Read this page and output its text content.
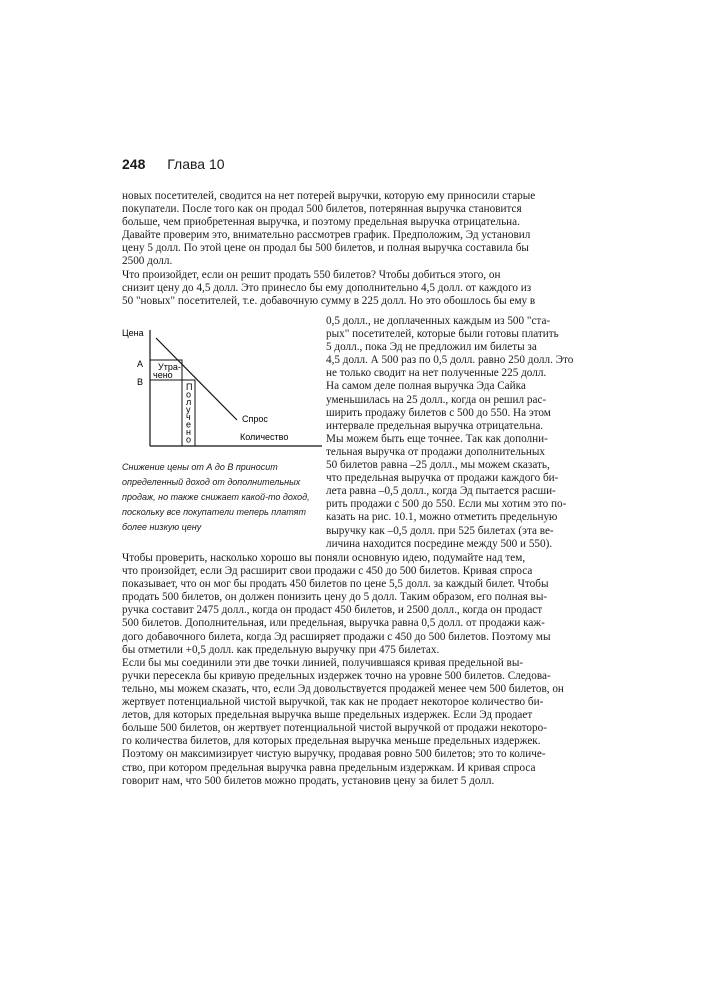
248 Глава 10
новых посетителей, сводится на нет потерей выручки, которую ему приносили старые
покупатели. После того как он продал 500 билетов, потерянная выручка становится
больше, чем приобретенная выручка, и поэтому предельная выручка отрицательна.
Давайте проверим это, внимательно рассмотрев график. Предположим, Эд установил
цену 5 долл. По этой цене он продал бы 500 билетов, и полная выручка составила бы
2500 долл.
Что произойдет, если он решит продать 550 билетов? Чтобы добиться этого, он
снизит цену до 4,5 долл. Это принесло бы ему дополнительно 4,5 долл. от каждого из
50 "новых" посетителей, т.е. добавочную сумму в 225 долл. Но это обошлось бы ему в
0,5 долл., не доплаченных каждым из 500 "ста-
рых" посетителей, которые были готовы платить
5 долл., пока Эд не предложил им билеты за
4,5 долл. А 500 раз по 0,5 долл. равно 250 долл. Это
не только сводит на нет полученные 225 долл.
На самом деле полная выручка Эда Сайка
уменьшилась на 25 долл., когда он решил рас-
ширить продажу билетов с 500 до 550. На этом
интервале предельная выручка отрицательна.
Мы можем быть еще точнее. Так как дополни-
тельная выручка от продажи дополнительных
50 билетов равна –25 долл., мы можем сказать,
что предельная выручка от продажи каждого би-
лета равна –0,5 долл., когда Эд пытается расши-
рить продажи с 500 до 550. Если мы хотим это по-
казать на рис. 10.1, можно отметить предельную
выручку как –0,5 долл. при 525 билетах (эта ве-
личина находится посредине между 500 и 550).
Чтобы проверить, насколько хорошо вы поняли основную идею, подумайте над тем,
что произойдет, если Эд расширит свои продажи с 450 до 500 билетов. Кривая спроса
показывает, что он мог бы продать 450 билетов по цене 5,5 долл. за каждый билет. Чтобы
продать 500 билетов, он должен понизить цену до 5 долл. Таким образом, его полная вы-
ручка составит 2475 долл., когда он продаст 450 билетов, и 2500 долл., когда он продаст
500 билетов. Дополнительная, или предельная, выручка равна 0,5 долл. от продажи каж-
дого добавочного билета, когда Эд расширяет продажи с 450 до 500 билетов. Поэтому мы
бы отметили +0,5 долл. как предельную выручку при 475 билетах.
Если бы мы соединили эти две точки линией, получившаяся кривая предельной вы-
ручки пересекла бы кривую предельных издержек точно на уровне 500 билетов. Следова-
тельно, мы можем сказать, что, если Эд довольствуется продажей менее чем 500 билетов, он
жертвует потенциальной чистой выручкой, так как не продает некоторое количество би-
летов, для которых предельная выручка выше предельных издержек. Если Эд продает
больше 500 билетов, он жертвует потенциальной чистой выручкой от продажи некоторо-
го количества билетов, для которых предельная выручка меньше предельных издержек.
Поэтому он максимизирует чистую выручку, продавая ровно 500 билетов; это то количе-
ство, при котором предельная выручка равна предельным издержкам. И кривая спроса
говорит нам, что 500 билетов можно продать, установив цену за билет 5 долл.
Цена
А
В
Утра-
чено
П
о
л
у
ч
е
н
о
Спрос
Количество
Снижение цены от А до В приносит
определенный доход от дополнительных
продаж, но также снижает какой-то доход,
поскольку все покупатели теперь платят
более низкую цену
